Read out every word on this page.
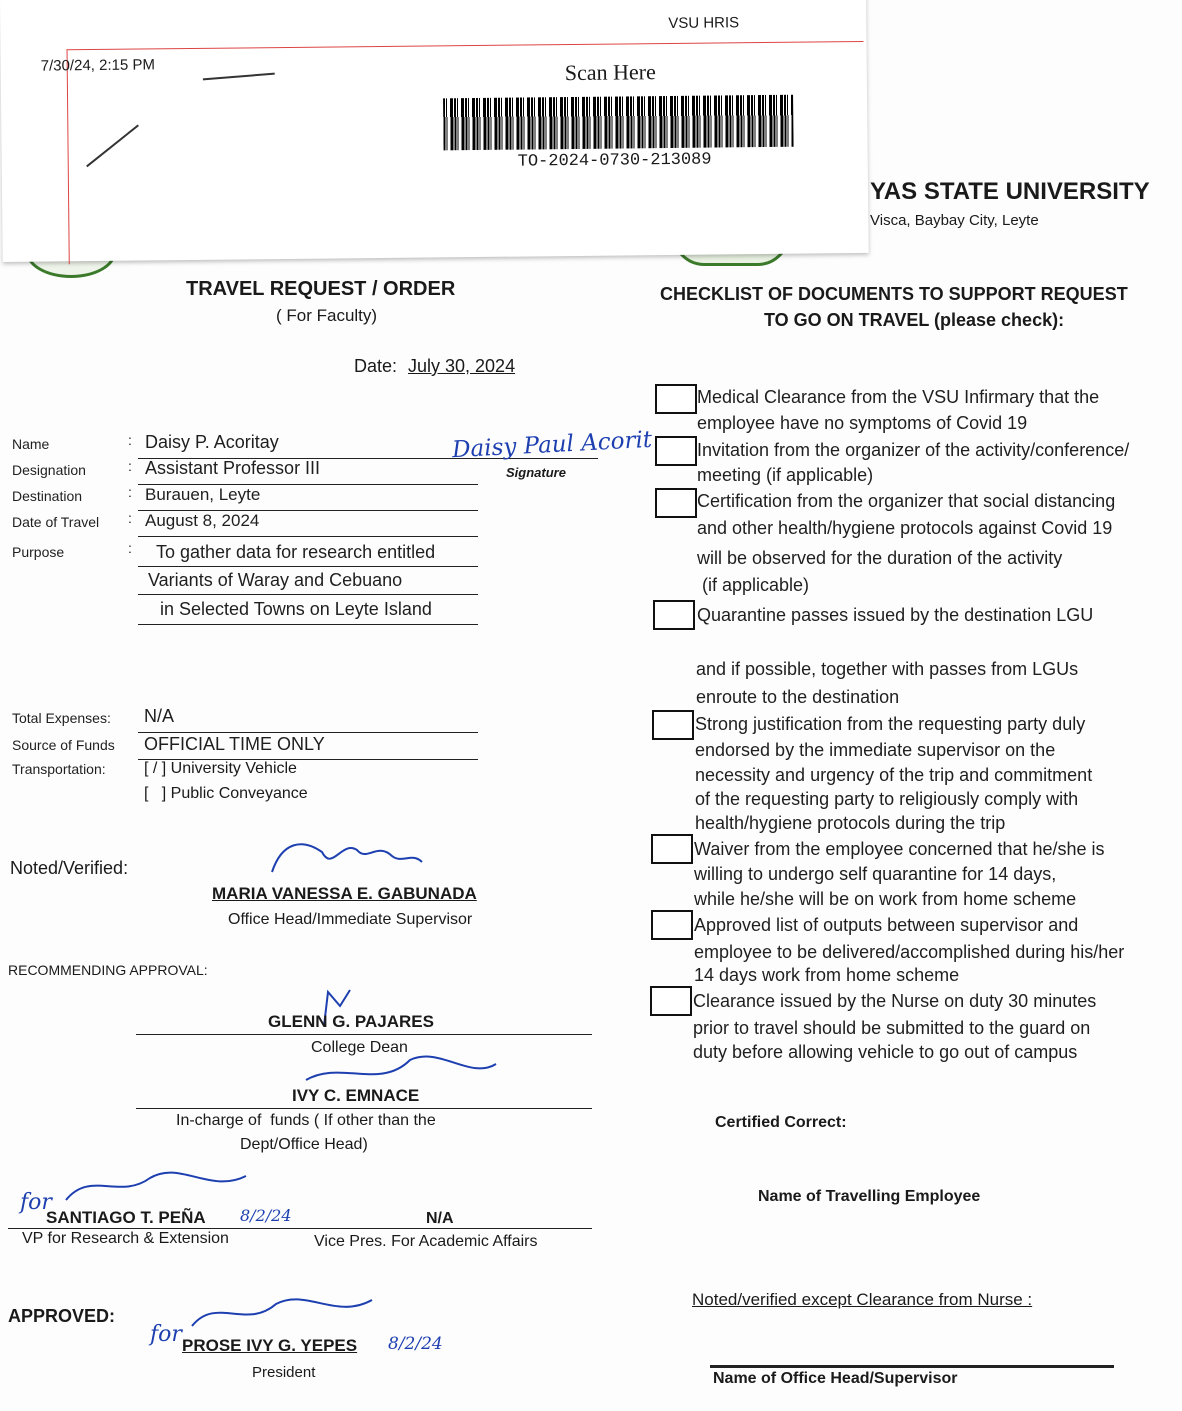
YAS STATE UNIVERSITY
Visca, Baybay City, Leyte
7/30/24, 2:15 PM
VSU HRIS
Scan Here
TO-2024-0730-213089
TRAVEL REQUEST / ORDER
( For Faculty)
Date: July 30, 2024
Name	: Daisy P. Acoritay	Daisy Paul Acorit
Signature
Designation	: Assistant Professor III
Destination	: Burauen, Leyte
Date of Travel : August 8, 2024
Purpose	: To gather data for research entitled
Variants of Waray and Cebuano
in Selected Towns on Leyte Island
Total Expenses: N/A
Source of Funds OFFICIAL TIME ONLY
Transportation: [ / ] University Vehicle
[   ] Public Conveyance
Noted/Verified:
MARIA VANESSA E. GABUNADA
Office Head/Immediate Supervisor
RECOMMENDING APPROVAL:
GLENN G. PAJARES
College Dean
IVY C. EMNACE
In-charge of  funds ( If other than the
Dept/Office Head)
for
8/2/24
SANTIAGO T. PEÑA
VP for Research & Extension
N/A
Vice Pres. For Academic Affairs
APPROVED:
for PROSE IVY G. YEPES 8/2/24
President
CHECKLIST OF DOCUMENTS TO SUPPORT REQUEST
TO GO ON TRAVEL (please check):
Medical Clearance from the VSU Infirmary that the
employee have no symptoms of Covid 19
Invitation from the organizer of the activity/conference/
meeting (if applicable)
Certification from the organizer that social distancing
and other health/hygiene protocols against Covid 19
will be observed for the duration of the activity
(if applicable)
Quarantine passes issued by the destination LGU
and if possible, together with passes from LGUs
enroute to the destination
Strong justification from the requesting party duly
endorsed by the immediate supervisor on the
necessity and urgency of the trip and commitment
of the requesting party to religiously comply with
health/hygiene protocols during the trip
Waiver from the employee concerned that he/she is
willing to undergo self quarantine for 14 days,
while he/she will be on work from home scheme
Approved list of outputs between supervisor and
employee to be delivered/accomplished during his/her
14 days work from home scheme
Clearance issued by the Nurse on duty 30 minutes
prior to travel should be submitted to the guard on
duty before allowing vehicle to go out of campus
Certified Correct:
Name of Travelling Employee
Noted/verified except Clearance from Nurse :
Name of Office Head/Supervisor
